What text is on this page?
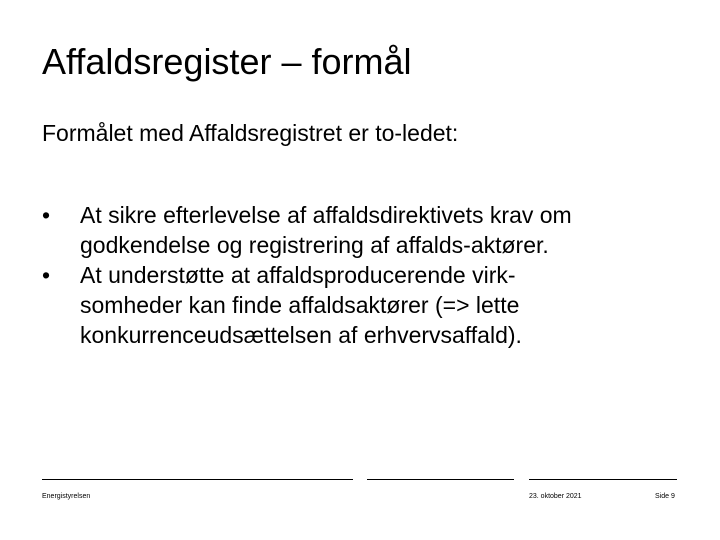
Affaldsregister – formål
Formålet med Affaldsregistret er to-ledet:
• At sikre efterlevelse af affaldsdirektivets krav om
godkendelse og registrering af affalds-aktører.
• At understøtte at affaldsproducerende virk-
somheder kan finde affaldsaktører (=> lette
konkurrenceudsættelsen af erhvervsaffald).
Energistyrelsen	23. oktober 2021	Side 9
